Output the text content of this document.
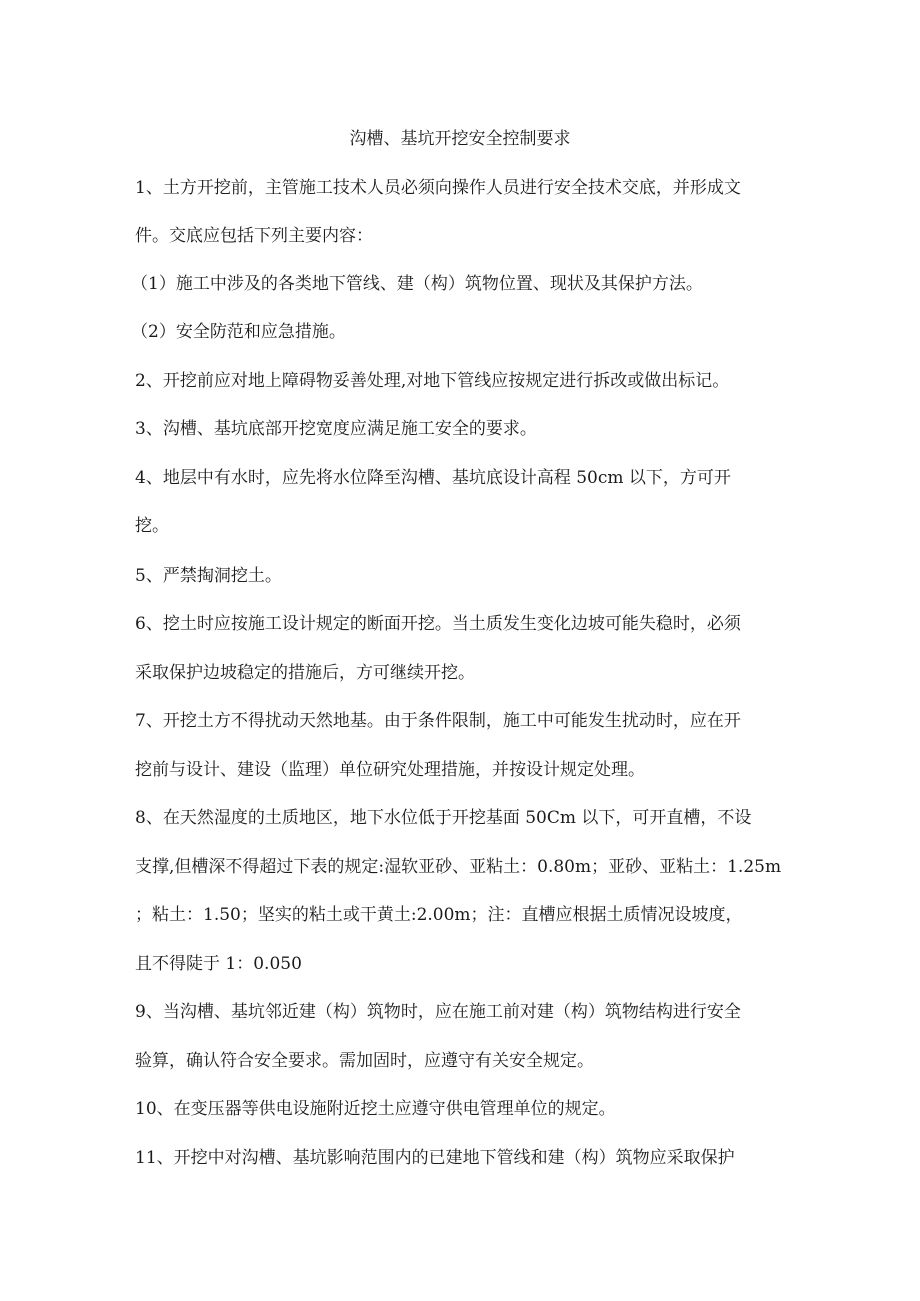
沟槽、基坑开挖安全控制要求
1、土方开挖前，主管施工技术人员必须向操作人员进行安全技术交底，并形成文
件。交底应包括下列主要内容：
（1）施工中涉及的各类地下管线、建（构）筑物位置、现状及其保护方法。
（2）安全防范和应急措施。
2、开挖前应对地上障碍物妥善处理,对地下管线应按规定进行拆改或做出标记。
3、沟槽、基坑底部开挖宽度应满足施工安全的要求。
4、地层中有水时，应先将水位降至沟槽、基坑底设计高程 50cm 以下，方可开
挖。
5、严禁掏洞挖土。
6、挖土时应按施工设计规定的断面开挖。当土质发生变化边坡可能失稳时，必须
采取保护边坡稳定的措施后，方可继续开挖。
7、开挖土方不得扰动天然地基。由于条件限制，施工中可能发生扰动时，应在开
挖前与设计、建设（监理）单位研究处理措施，并按设计规定处理。
8、在天然湿度的土质地区，地下水位低于开挖基面 50Cm 以下，可开直槽，不设
支撑,但槽深不得超过下表的规定:湿软亚砂、亚粘土：0.80m；亚砂、亚粘土：1.25m
；粘土：1.50；坚实的粘土或干黄土:2.00m；注：直槽应根据土质情况设坡度，
且不得陡于 1：0.050
9、当沟槽、基坑邻近建（构）筑物时，应在施工前对建（构）筑物结构进行安全
验算，确认符合安全要求。需加固时，应遵守有关安全规定。
10、在变压器等供电设施附近挖土应遵守供电管理单位的规定。
11、开挖中对沟槽、基坑影响范围内的已建地下管线和建（构）筑物应采取保护
